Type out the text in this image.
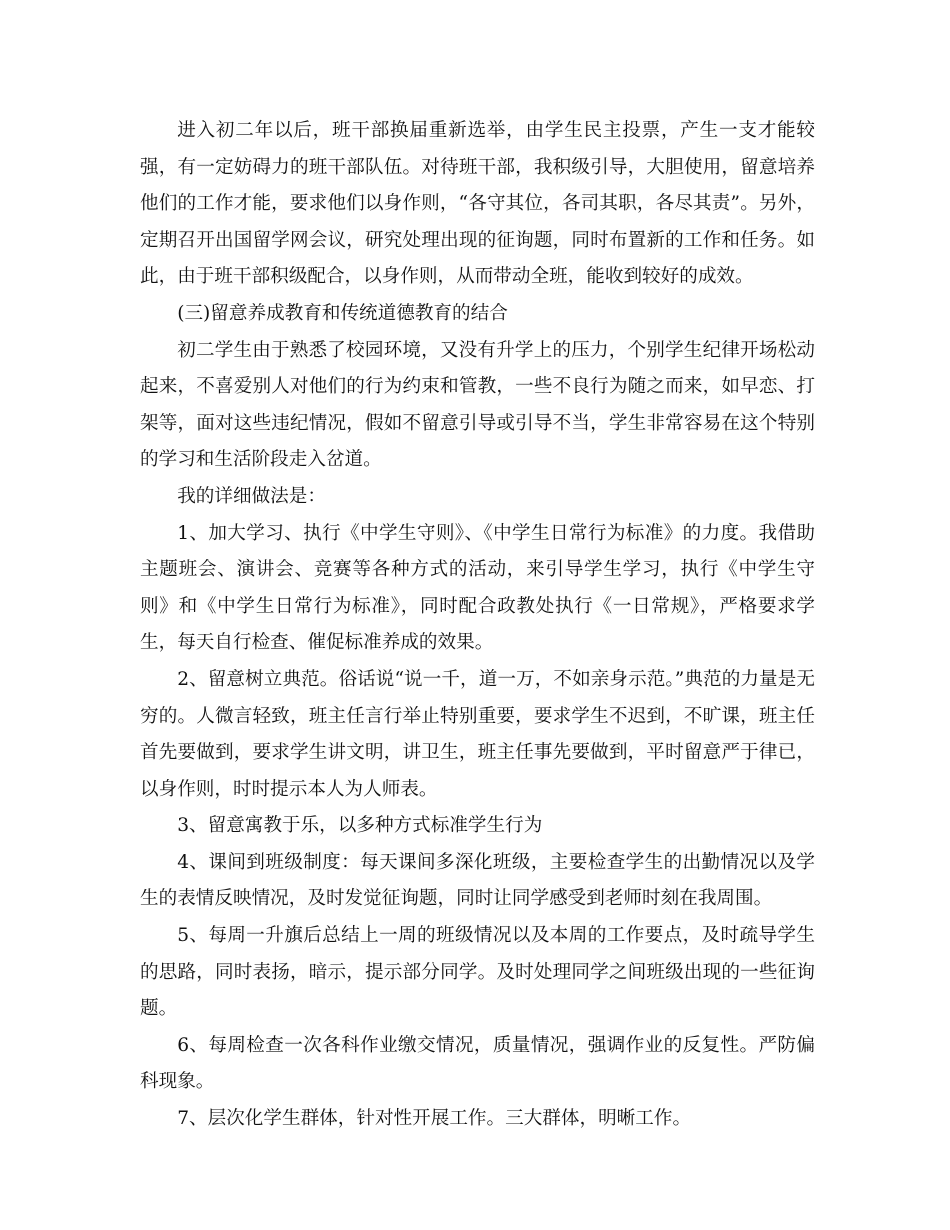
进入初二年以后，班干部换届重新选举，由学生民主投票，产生一支才能较强，有一定妨碍力的班干部队伍。对待班干部，我积级引导，大胆使用，留意培养他们的工作才能，要求他们以身作则，“各守其位，各司其职，各尽其责”。另外，定期召开出国留学网会议，研究处理出现的征询题，同时布置新的工作和任务。如此，由于班干部积级配合，以身作则，从而带动全班，能收到较好的成效。

(三)留意养成教育和传统道德教育的结合

初二学生由于熟悉了校园环境，又没有升学上的压力，个别学生纪律开场松动起来，不喜爱别人对他们的行为约束和管教，一些不良行为随之而来，如早恋、打架等，面对这些违纪情况，假如不留意引导或引导不当，学生非常容易在这个特别的学习和生活阶段走入岔道。

我的详细做法是：

1、加大学习、执行《中学生守则》、《中学生日常行为标准》的力度。我借助主题班会、演讲会、竞赛等各种方式的活动，来引导学生学习，执行《中学生守则》和《中学生日常行为标准》，同时配合政教处执行《一日常规》，严格要求学生，每天自行检查、催促标准养成的效果。

2、留意树立典范。俗话说“说一千，道一万，不如亲身示范。”典范的力量是无穷的。人微言轻致，班主任言行举止特别重要，要求学生不迟到，不旷课，班主任首先要做到，要求学生讲文明，讲卫生，班主任事先要做到，平时留意严于律已，以身作则，时时提示本人为人师表。

3、留意寓教于乐，以多种方式标准学生行为

4、课间到班级制度：每天课间多深化班级，主要检查学生的出勤情况以及学生的表情反映情况，及时发觉征询题，同时让同学感受到老师时刻在我周围。

5、每周一升旗后总结上一周的班级情况以及本周的工作要点，及时疏导学生的思路，同时表扬，暗示，提示部分同学。及时处理同学之间班级出现的一些征询题。

6、每周检查一次各科作业缴交情况，质量情况，强调作业的反复性。严防偏科现象。

7、层次化学生群体，针对性开展工作。三大群体，明晰工作。
